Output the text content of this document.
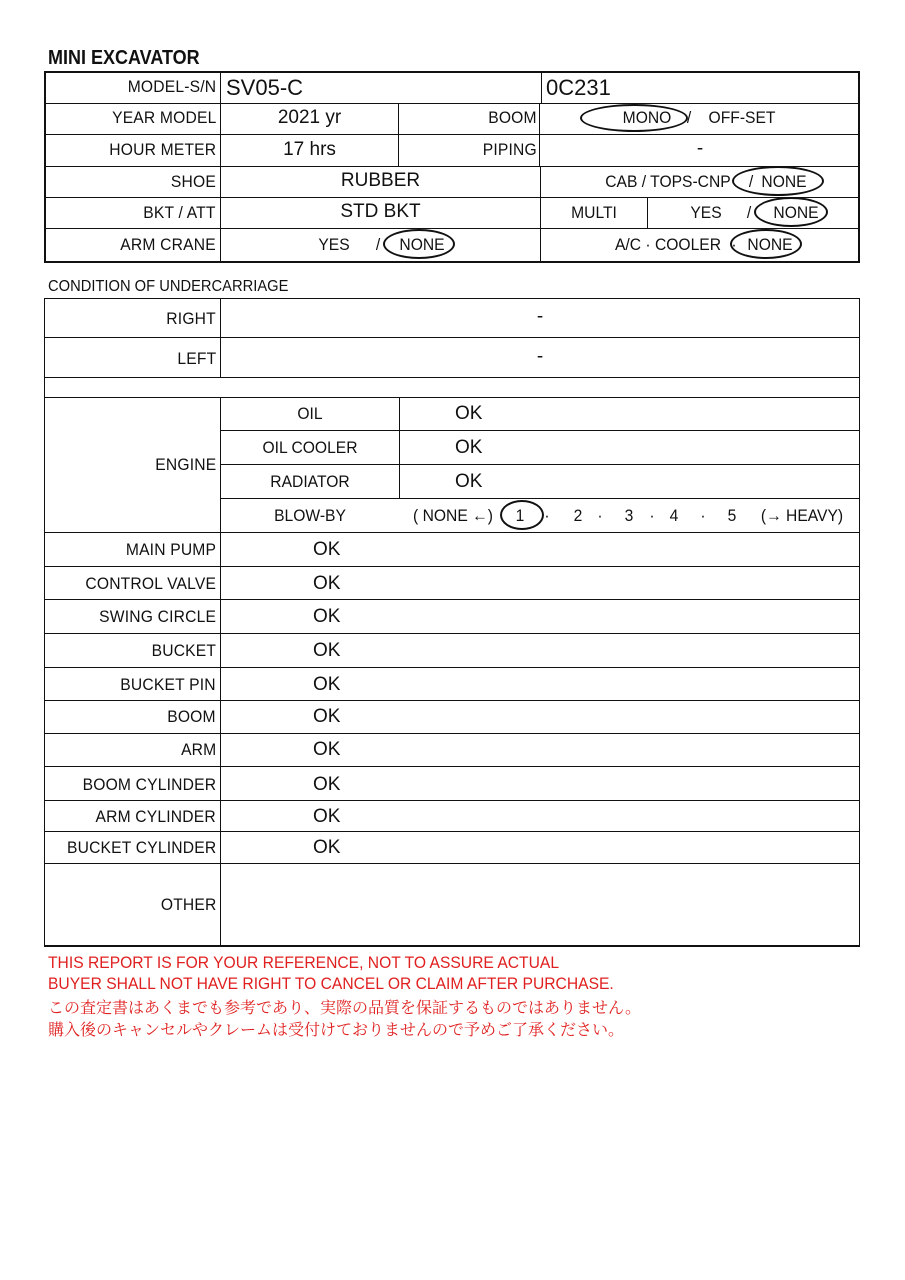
MINI EXCAVATOR
MODEL-S/N SV05-C	0C231
YEAR MODEL	2021 yr	BOOM	MONO /	OFF-SET
HOUR METER	17 hrs	PIPING	-
SHOE	RUBBER	CAB / TOPS-CNP / NONE
BKT / ATT	STD BKT	MULTI	YES / NONE
ARM CRANE	YES / NONE	A/C · COOLER · NONE
CONDITION OF UNDERCARRIAGE
RIGHT	-
LEFT	-
ENGINE
OIL	OK
OIL COOLER	OK
RADIATOR	OK
BLOW-BY	( NONE ←) 1 · 2 · 3 · 4 · 5 (→ HEAVY)
MAIN PUMP	OK
CONTROL VALVE	OK
SWING CIRCLE	OK
BUCKET	OK
BUCKET PIN	OK
BOOM	OK
ARM	OK
BOOM CYLINDER	OK
ARM CYLINDER	OK
BUCKET CYLINDER	OK
OTHER
THIS REPORT IS FOR YOUR REFERENCE, NOT TO ASSURE ACTUAL
BUYER SHALL NOT HAVE RIGHT TO CANCEL OR CLAIM AFTER PURCHASE.
この査定書はあくまでも参考であり、実際の品質を保証するものではありません。
購入後のキャンセルやクレームは受付けておりませんので予めご了承ください。
